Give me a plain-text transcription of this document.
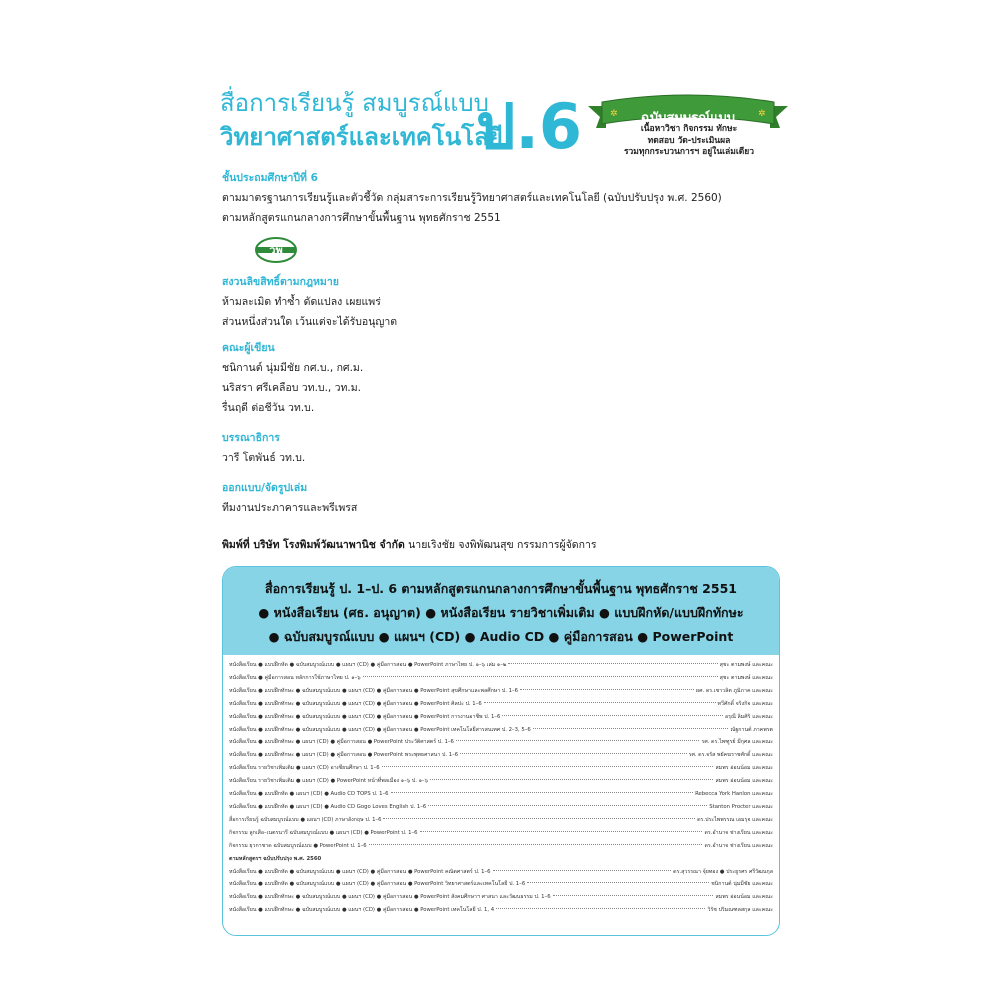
สื่อการเรียนรู้ สมบูรณ์แบบ
วิทยาศาสตร์และเทคโนโลยี
ป.6	✲	✲
ฉบับสมบูรณ์แบบ
เนื้อหาวิชา กิจกรรม ทักษะ
ทดสอบ วัด-ประเมินผล
รวมทุกกระบวนการฯ อยู่ในเล่มเดียว
ชั้นประถมศึกษาปีที่ 6
ตามมาตรฐานการเรียนรู้และตัวชี้วัด กลุ่มสาระการเรียนรู้วิทยาศาสตร์และเทคโนโลยี (ฉบับปรับปรุง พ.ศ. 2560)
ตามหลักสูตรแกนกลางการศึกษาขั้นพื้นฐาน พุทธศักราช 2551
วพ
สงวนลิขสิทธิ์ตามกฎหมาย
ห้ามละเมิด ทำซ้ำ ดัดแปลง เผยแพร่
ส่วนหนึ่งส่วนใด เว้นแต่จะได้รับอนุญาต
คณะผู้เขียน
ชนิกานต์ นุ่มมีชัย กศ.บ., กศ.ม.
นริสรา ศรีเคลือบ วท.บ., วท.ม.
รื่นฤดี ต่อชีวัน วท.บ.
บรรณาธิการ
วารี โตพันธ์ วท.บ.
ออกแบบ/จัดรูปเล่ม
ทีมงานประภาคารและพรีเพรส
พิมพ์ที่ บริษัท โรงพิมพ์วัฒนาพานิช จำกัด นายเริงชัย จงพิพัฒนสุข กรรมการผู้จัดการ
สื่อการเรียนรู้ ป. 1–ป. 6 ตามหลักสูตรแกนกลางการศึกษาขั้นพื้นฐาน พุทธศักราช 2551
● หนังสือเรียน (ศธ. อนุญาต) ● หนังสือเรียน รายวิชาเพิ่มเติม ● แบบฝึกหัด/แบบฝึกทักษะ
● ฉบับสมบูรณ์แบบ ● แผนฯ (CD) ● Audio CD ● คู่มือการสอน ● PowerPoint
หนังสือเรียน ● แบบฝึกหัด ● ฉบับสมบูรณ์แบบ ● แผนฯ (CD) ● คู่มือการสอน ● PowerPoint ภาษาไทย ป. ๑–๖ เล่ม ๑–๒	สุชะ ตามพงษ์ และคณะ
หนังสือเรียน ● คู่มือการสอน หลักการใช้ภาษาไทย ป. ๑–๖	สุชะ ตามพงษ์ และคณะ
หนังสือเรียน ● แบบฝึกทักษะ ● ฉบับสมบูรณ์แบบ ● แผนฯ (CD) ● คู่มือการสอน ● PowerPoint สุขศึกษาและพลศึกษา ป. 1–6	ผศ. ดร.เชาวลิต ภูมิภาค และคณะ
หนังสือเรียน ● แบบฝึกทักษะ ● ฉบับสมบูรณ์แบบ ● แผนฯ (CD) ● คู่มือการสอน ● PowerPoint ศิลปะ ป. 1–6	ทวีศักดิ์ จริงกิจ และคณะ
หนังสือเรียน ● แบบฝึกทักษะ ● ฉบับสมบูรณ์แบบ ● แผนฯ (CD) ● คู่มือการสอน ● PowerPoint การงานอาชีพ ป. 1–6	อรุณี ลิมศิริ และคณะ
หนังสือเรียน ● แบบฝึกทักษะ ● ฉบับสมบูรณ์แบบ ● แผนฯ (CD) ● คู่มือการสอน ● PowerPoint เทคโนโลยีสารสนเทศ ป. 2–3, 5–6	ณัฐกานต์ ภาคพรต
หนังสือเรียน ● แบบฝึกทักษะ ● แผนฯ (CD) ● คู่มือการสอน ● PowerPoint ประวัติศาสตร์ ป. 1–6	รศ. ดร.ไพฑูรย์ มีกุศล และคณะ
หนังสือเรียน ● แบบฝึกทักษะ ● แผนฯ (CD) ● คู่มือการสอน ● PowerPoint พระพุทธศาสนา ป. 1–6	รศ. ดร.จรัส พยัคฆราชศักดิ์ และคณะ
หนังสือเรียน รายวิชาเพิ่มเติม ● แผนฯ (CD) อาเซียนศึกษา ป. 1–6	สมพร อ่อนน้อม และคณะ
หนังสือเรียน รายวิชาเพิ่มเติม ● แผนฯ (CD) ● PowerPoint หน้าที่พลเมือง ๑–๖ ป. ๑–๖	สมพร อ่อนน้อม และคณะ
หนังสือเรียน ● แบบฝึกหัด ● แผนฯ (CD) ● Audio CD TOPS ป. 1–6	Rebecca York Hanlon และคณะ
หนังสือเรียน ● แบบฝึกหัด ● แผนฯ (CD) ● Audio CD Gogo Loves English ป. 1–6	Stanton Procter และคณะ
สื่อการเรียนรู้ ฉบับสมบูรณ์แบบ ● แผนฯ (CD) ภาษาอังกฤษ ป. 1–6	ดร.ประไพพรรณ เอมรุจ และคณะ
กิจกรรม ลูกเสือ–เนตรนารี ฉบับสมบูรณ์แบบ ● แผนฯ (CD) ● PowerPoint ป. 1–6	ดร.อำนาจ ช่างเรียน และคณะ
กิจกรรม ยุวกาชาด ฉบับสมบูรณ์แบบ ● PowerPoint ป. 1–6	ดร.อำนาจ ช่างเรียน และคณะ
ตามหลักสูตรฯ ฉบับปรับปรุง พ.ศ. 2560
หนังสือเรียน ● แบบฝึกหัด ● ฉบับสมบูรณ์แบบ ● แผนฯ (CD) ● คู่มือการสอน ● PowerPoint คณิตศาสตร์ ป. 1–6	ดร.สุวรรณา จุ้ยทอง ● ประยูรศร ศรีวัฒนกุล
หนังสือเรียน ● แบบฝึกหัด ● ฉบับสมบูรณ์แบบ ● แผนฯ (CD) ● คู่มือการสอน ● PowerPoint วิทยาศาสตร์และเทคโนโลยี ป. 1–6	ชนิกานต์ นุ่มมีชัย และคณะ
หนังสือเรียน ● แบบฝึกทักษะ ● ฉบับสมบูรณ์แบบ ● แผนฯ (CD) ● คู่มือการสอน ● PowerPoint สังคมศึกษาฯ ศาสนา และวัฒนธรรม ป. 1–6	สมพร อ่อนน้อม และคณะ
หนังสือเรียน ● แบบฝึกทักษะ ● ฉบับสมบูรณ์แบบ ● แผนฯ (CD) ● คู่มือการสอน ● PowerPoint เทคโนโลยี ป. 1, 4	วิรัช ปริมณฑลสกุล และคณะ
